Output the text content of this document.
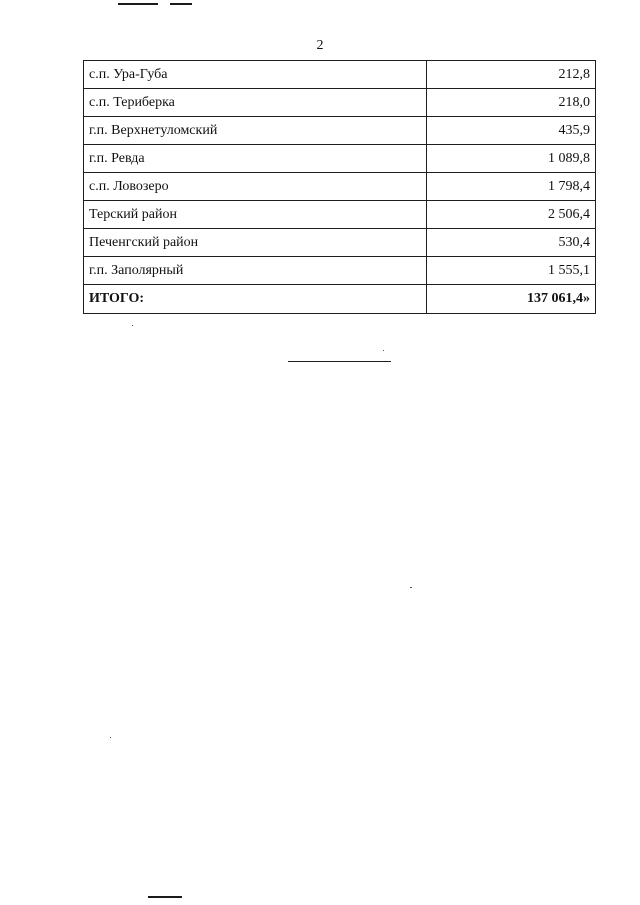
2
с.п. Ура-Губа	212,8
с.п. Териберка	218,0
г.п. Верхнетуломский	435,9
г.п. Ревда	1 089,8
с.п. Ловозеро	1 798,4
Терский район	2 506,4
Печенгский район	530,4
г.п. Заполярный	1 555,1
ИТОГО:	137 061,4»
